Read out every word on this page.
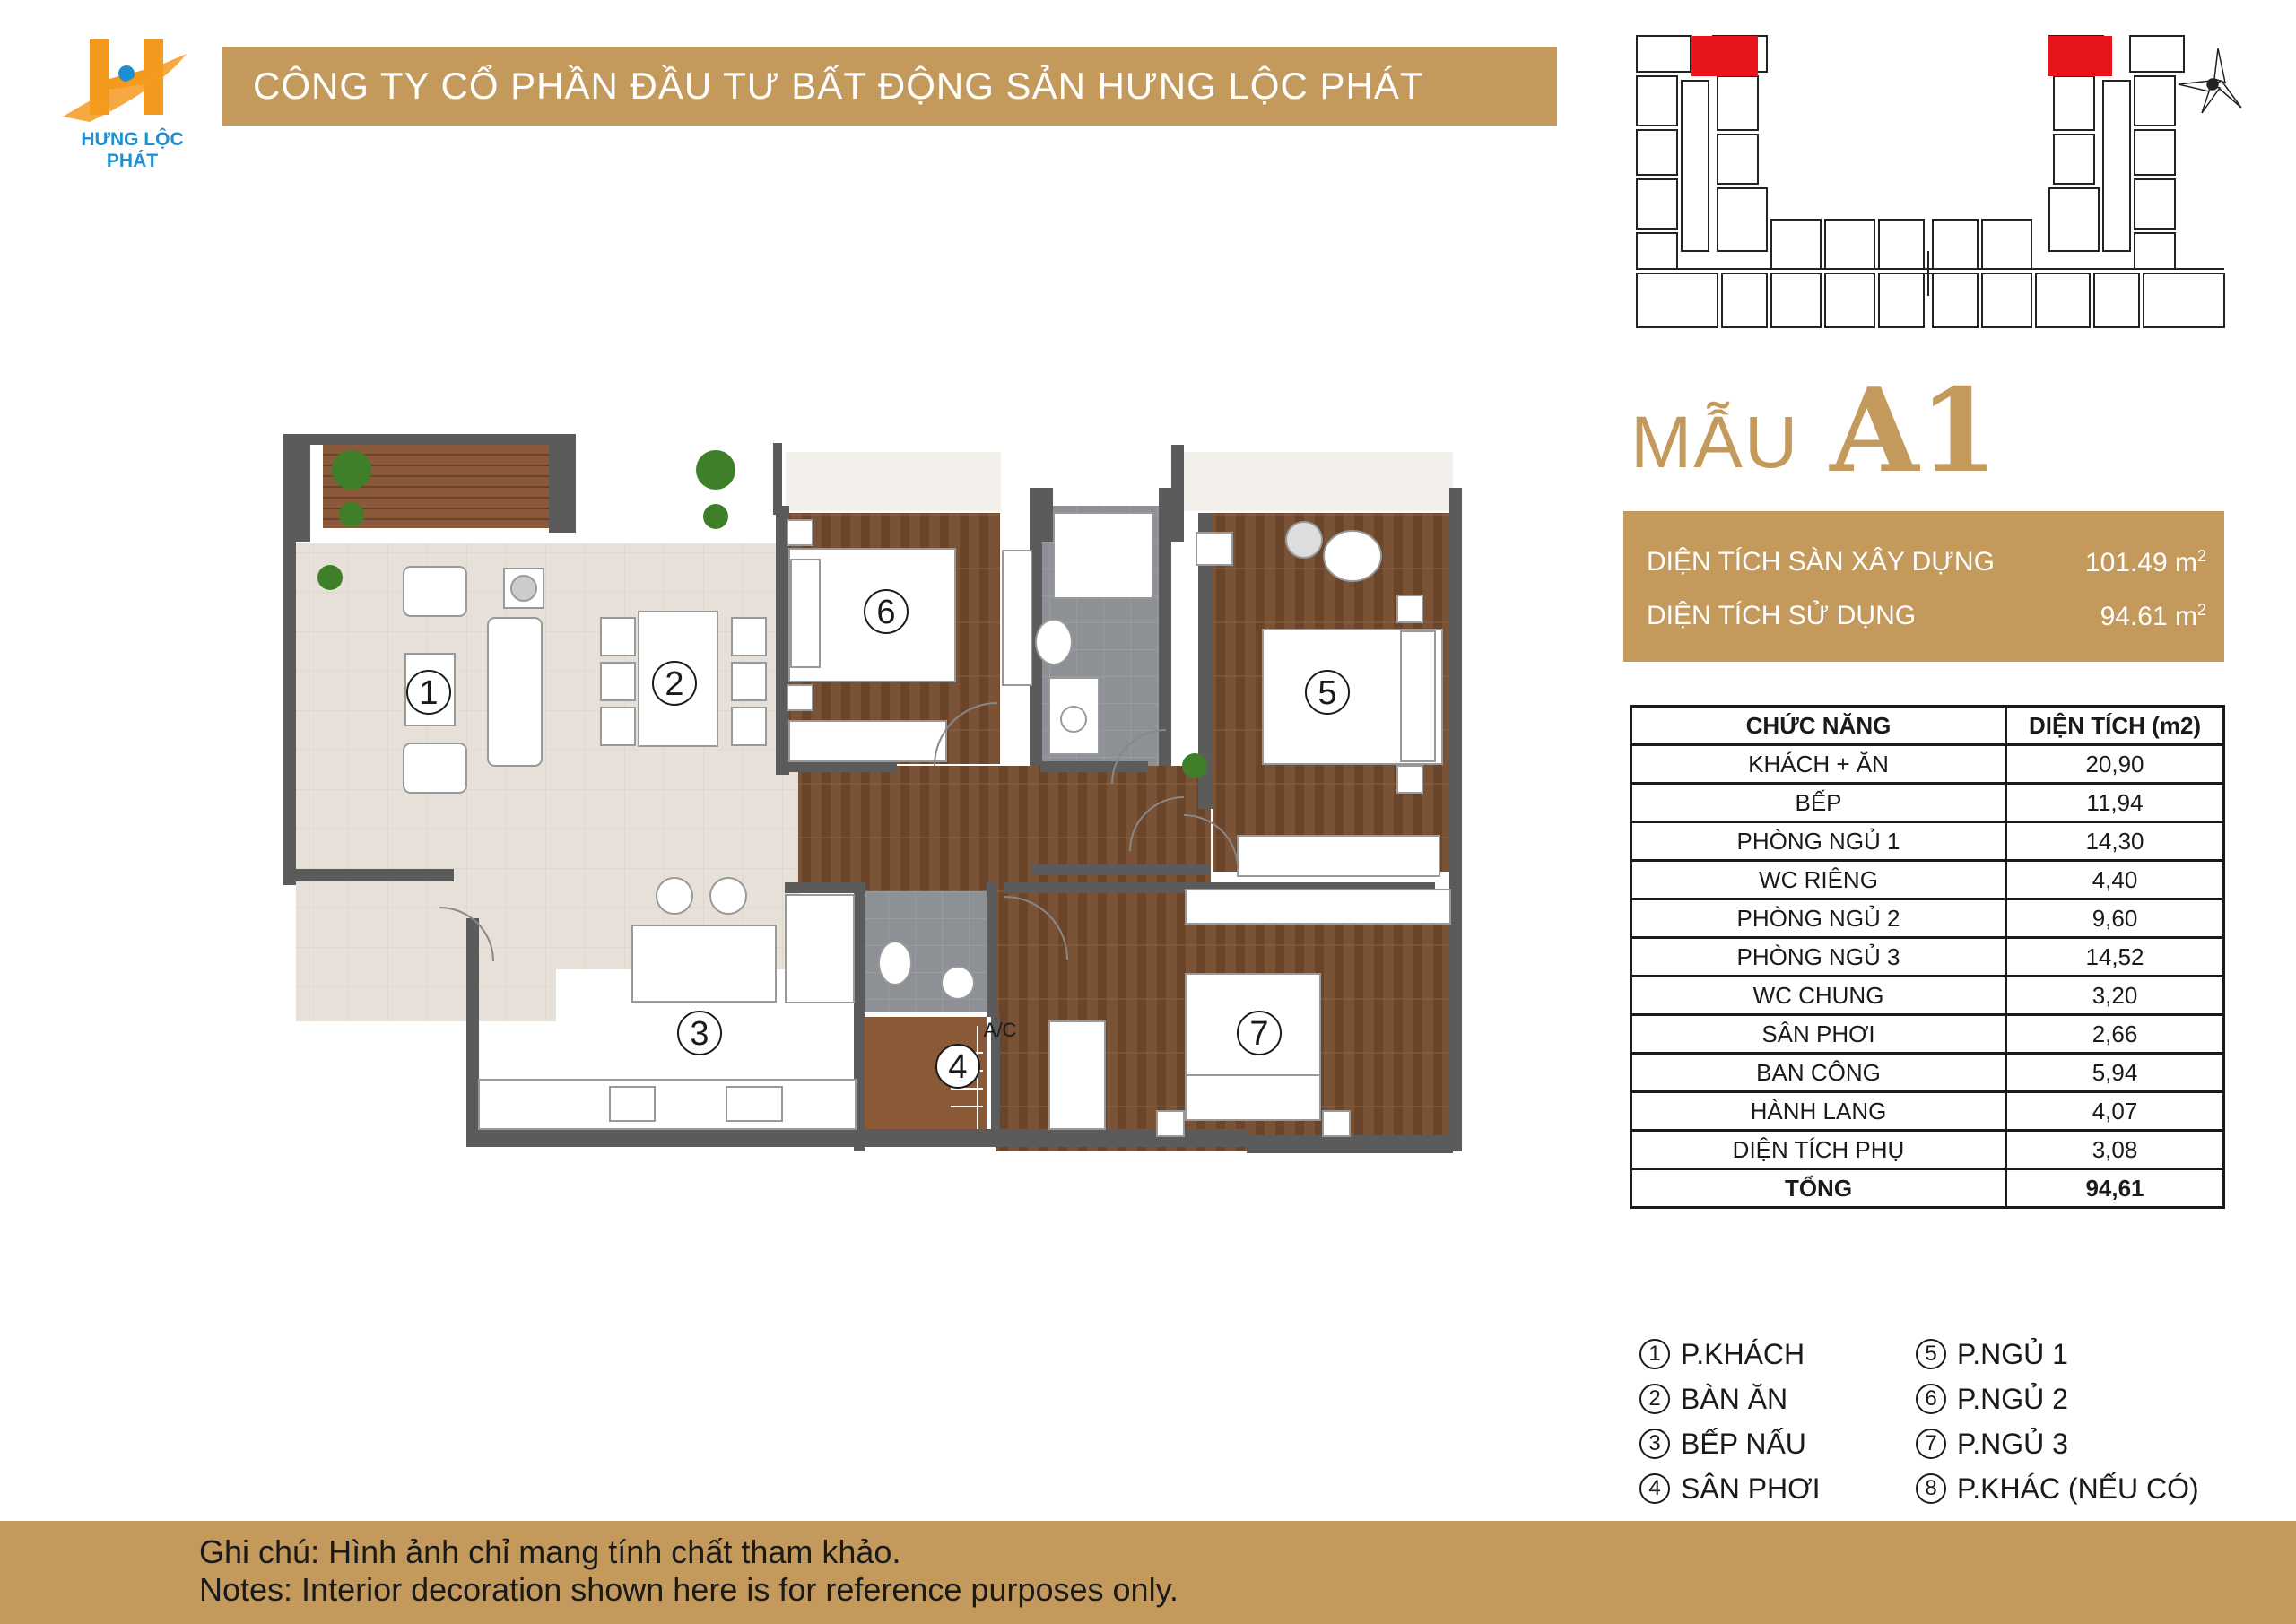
HƯNG LỘC PHÁT
CÔNG TY CỔ PHẦN ĐẦU TƯ BẤT ĐỘNG SẢN HƯNG LỘC PHÁT
MẪU A1
DIỆN TÍCH SÀN XÂY DỰNG	101.49 $m^2$
DIỆN TÍCH SỬ DỤNG	94.61 $m^2$
CHỨC NĂNG	DIỆN TÍCH (m2)
KHÁCH + ĂN	20,90
BẾP	11,94
PHÒNG NGỦ 1	14,30
WC RIÊNG	4,40
PHÒNG NGỦ 2	9,60
PHÒNG NGỦ 3	14,52
WC CHUNG	3,20
SÂN PHƠI	2,66
BAN CÔNG	5,94
HÀNH LANG	4,07
DIỆN TÍCH PHỤ	3,08
TỔNG	94,61
1 P.KHÁCH
2 BÀN ĂN
3 BẾP NẤU
4 SÂN PHƠI
5 P.NGỦ 1
6 P.NGỦ 2
7 P.NGỦ 3
8 P.KHÁC (NẾU CÓ)
1	2
3
4
5
6
7
A/C
Ghi chú: Hình ảnh chỉ mang tính chất tham khảo.
Notes: Interior decoration shown here is for reference purposes only.
